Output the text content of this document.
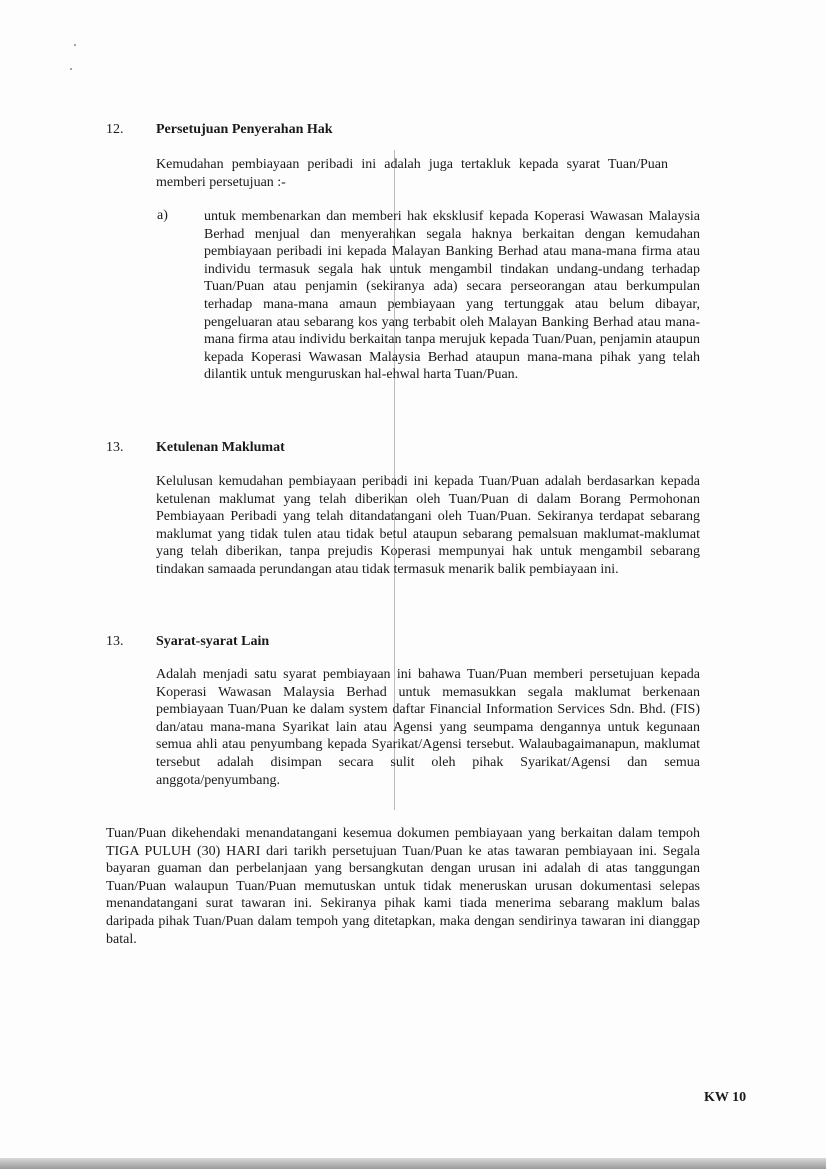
12. Persetujuan Penyerahan Hak
Kemudahan pembiayaan peribadi ini adalah juga tertakluk kepada syarat Tuan/Puan memberi persetujuan :-
a)	untuk membenarkan dan memberi hak eksklusif kepada Koperasi Wawasan Malaysia Berhad menjual dan menyerahkan segala haknya berkaitan dengan kemudahan pembiayaan peribadi ini kepada Malayan Banking Berhad atau mana-mana firma atau individu termasuk segala hak untuk mengambil tindakan undang-undang terhadap Tuan/Puan atau penjamin (sekiranya ada) secara perseorangan atau berkumpulan terhadap mana-mana amaun pembiayaan yang tertunggak atau belum dibayar, pengeluaran atau sebarang kos yang terbabit oleh Malayan Banking Berhad atau mana-mana firma atau individu berkaitan tanpa merujuk kepada Tuan/Puan, penjamin ataupun kepada Koperasi Wawasan Malaysia Berhad ataupun mana-mana pihak yang telah dilantik untuk menguruskan hal-ehwal harta Tuan/Puan.
13. Ketulenan Maklumat
Kelulusan kemudahan pembiayaan peribadi ini kepada Tuan/Puan adalah berdasarkan kepada ketulenan maklumat yang telah diberikan oleh Tuan/Puan di dalam Borang Permohonan Pembiayaan Peribadi yang telah ditandatangani oleh Tuan/Puan. Sekiranya terdapat sebarang maklumat yang tidak tulen atau tidak betul ataupun sebarang pemalsuan maklumat-maklumat yang telah diberikan, tanpa prejudis Koperasi mempunyai hak untuk mengambil sebarang tindakan samaada perundangan atau tidak termasuk menarik balik pembiayaan ini.
13. Syarat-syarat Lain
Adalah menjadi satu syarat pembiayaan ini bahawa Tuan/Puan memberi persetujuan kepada Koperasi Wawasan Malaysia Berhad untuk memasukkan segala maklumat berkenaan pembiayaan Tuan/Puan ke dalam system daftar Financial Information Services Sdn. Bhd. (FIS) dan/atau mana-mana Syarikat lain atau Agensi yang seumpama dengannya untuk kegunaan semua ahli atau penyumbang kepada Syarikat/Agensi tersebut. Walaubagaimanapun, maklumat tersebut adalah disimpan secara sulit oleh pihak Syarikat/Agensi dan semua anggota/penyumbang.
Tuan/Puan dikehendaki menandatangani kesemua dokumen pembiayaan yang berkaitan dalam tempoh TIGA PULUH (30) HARI dari tarikh persetujuan Tuan/Puan ke atas tawaran pembiayaan ini. Segala bayaran guaman dan perbelanjaan yang bersangkutan dengan urusan ini adalah di atas tanggungan Tuan/Puan walaupun Tuan/Puan memutuskan untuk tidak meneruskan urusan dokumentasi selepas menandatangani surat tawaran ini. Sekiranya pihak kami tiada menerima sebarang maklum balas daripada pihak Tuan/Puan dalam tempoh yang ditetapkan, maka dengan sendirinya tawaran ini dianggap batal.
KW 10
